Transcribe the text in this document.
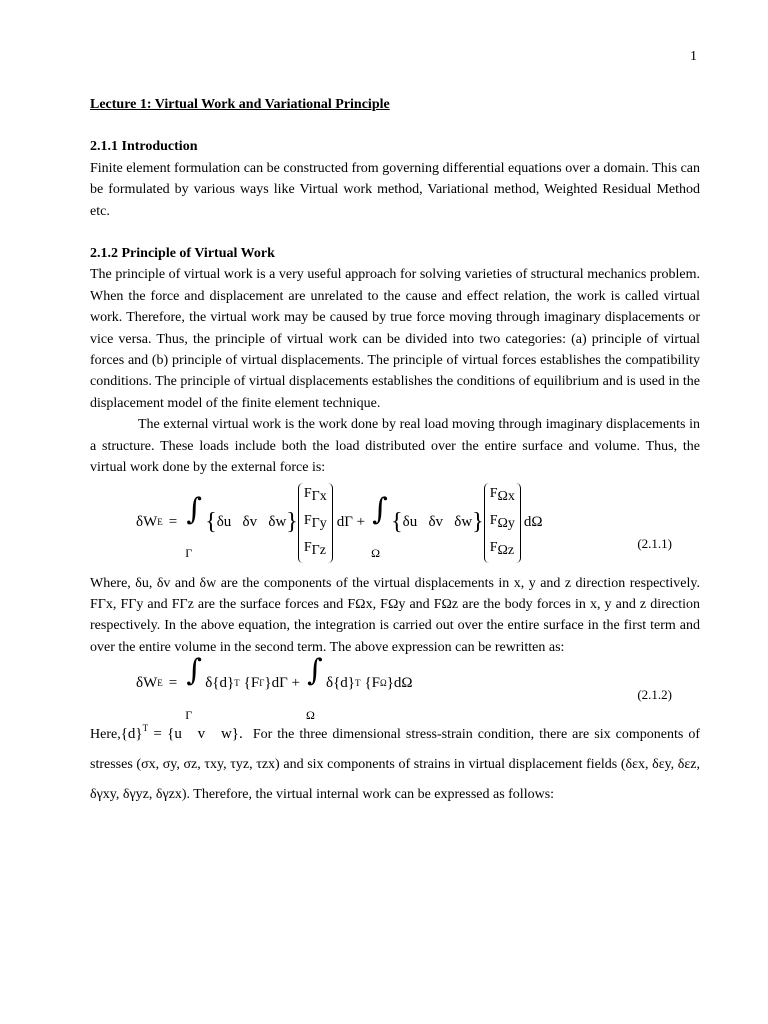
1

Lecture 1: Virtual Work and Variational Principle

2.1.1 Introduction

Finite element formulation can be constructed from governing differential equations over a domain. This can be formulated by various ways like Virtual work method, Variational method, Weighted Residual Method etc.

2.1.2 Principle of Virtual Work

The principle of virtual work is a very useful approach for solving varieties of structural mechanics problem. When the force and displacement are unrelated to the cause and effect relation, the work is called virtual work. Therefore, the virtual work may be caused by true force moving through imaginary displacements or vice versa. Thus, the principle of virtual work can be divided into two categories: (a) principle of virtual forces and (b) principle of virtual displacements. The principle of virtual forces establishes the compatibility conditions. The principle of virtual displacements establishes the conditions of equilibrium and is used in the displacement model of the finite element technique.

The external virtual work is the work done by real load moving through imaginary displacements in a structure. These loads include both the load distributed over the entire surface and volume. Thus, the virtual work done by the external force is:

δW E = ∫
Γ
{ δu   δv   δw }
FΓx
FΓy
FΓz
dΓ + ∫
Ω
{ δu   δv   δw }
FΩx
FΩy
FΩz
dΩ
(2.1.1)

Where, δu, δv and δw are the components of the virtual displacements in x, y and z direction respectively. FΓx, FΓy and FΓz are the surface forces and FΩx, FΩy and FΩz are the body forces in x, y and z direction respectively. In the above equation, the integration is carried out over the entire surface in the first term and over the entire volume in the second term. The above expression can be rewritten as:

δW E = ∫
Γ
δ{d} T {F Γ }dΓ + ∫
Ω
δ{d} T {F Ω }dΩ
(2.1.2)

$Here,\{d\}^T = \{u$   v   w}. For the three dimensional stress-strain condition, there are six components of stresses (σx, σy, σz, τxy, τyz, τzx) and six components of strains in virtual displacement fields (δεx, δεy, δεz, δγxy, δγyz, δγzx). Therefore, the virtual internal work can be expressed as follows:
